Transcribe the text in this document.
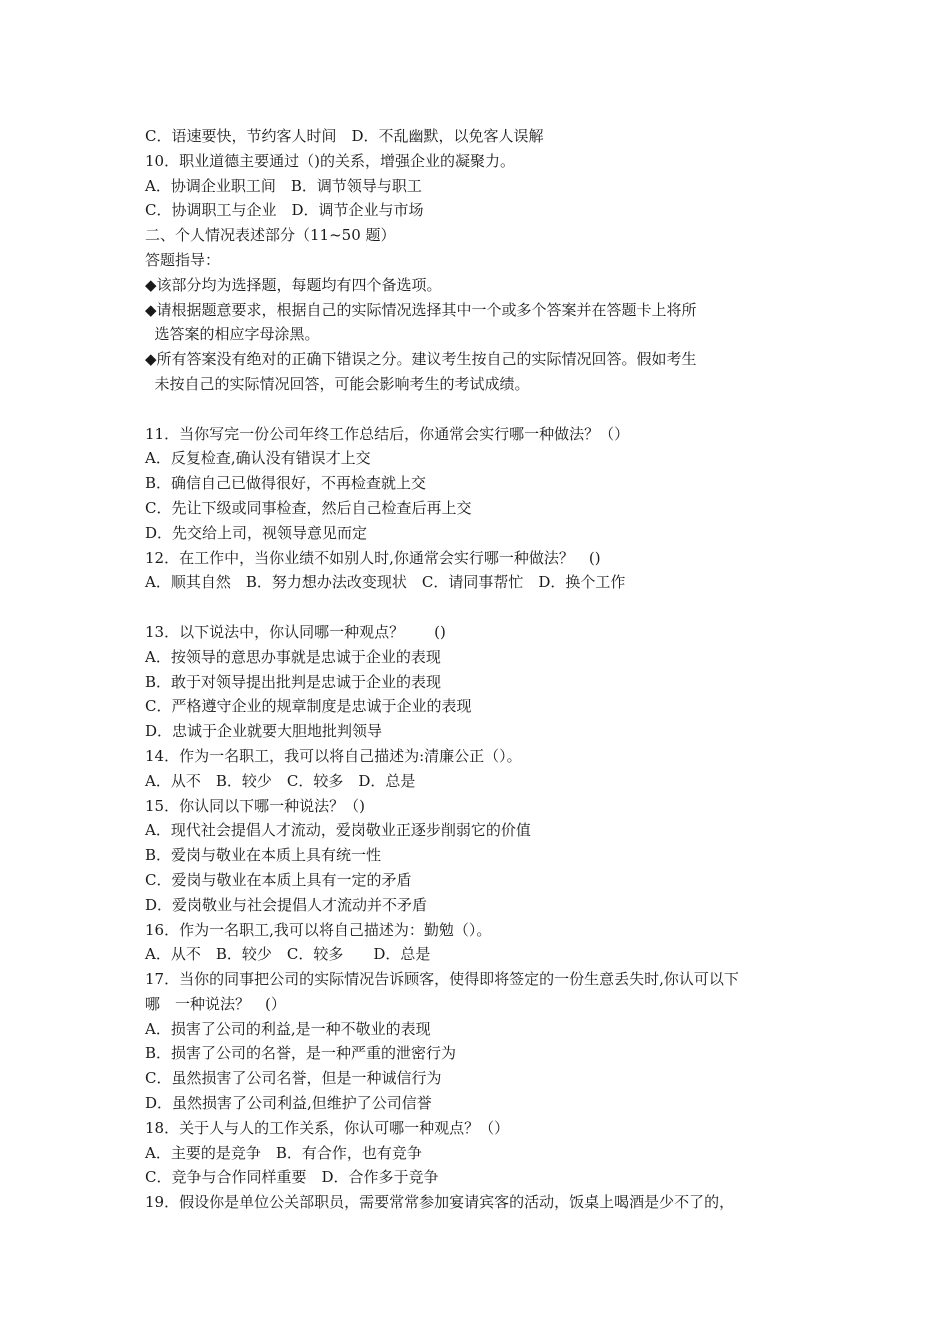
C．语速要快，节约客人时间　D．不乱幽默，以免客人误解
10．职业道德主要通过（)的关系，增强企业的凝聚力。
A．协调企业职工间　B．调节领导与职工
C．协调职工与企业　D．调节企业与市场
二、个人情况表述部分（11~50 题）
答题指导：
◆该部分均为选择题，每题均有四个备选项。
◆请根据题意要求，根据自己的实际情况选择其中一个或多个答案并在答题卡上将所
选答案的相应字母涂黑。
◆所有答案没有绝对的正确下错误之分。建议考生按自己的实际情况回答。假如考生
未按自己的实际情况回答，可能会影响考生的考试成绩。
11．当你写完一份公司年终工作总结后，你通常会实行哪一种做法？（）
A．反复检查,确认没有错误才上交
B．确信自己已做得很好，不再检查就上交
C．先让下级或同事检查，然后自己检查后再上交
D．先交给上司，视领导意见而定
12．在工作中，当你业绩不如别人时,你通常会实行哪一种做法？　()
A．顺其自然　B．努力想办法改变现状　C．请同事帮忙　D．换个工作
13．以下说法中，你认同哪一种观点？　　()
A．按领导的意思办事就是忠诚于企业的表现
B．敢于对领导提出批判是忠诚于企业的表现
C．严格遵守企业的规章制度是忠诚于企业的表现
D．忠诚于企业就要大胆地批判领导
14．作为一名职工，我可以将自己描述为:清廉公正（）。
A．从不　B．较少　C．较多　D．总是
15．你认同以下哪一种说法？（)
A．现代社会提倡人才流动，爱岗敬业正逐步削弱它的价值
B．爱岗与敬业在本质上具有统一性
C．爱岗与敬业在本质上具有一定的矛盾
D．爱岗敬业与社会提倡人才流动并不矛盾
16．作为一名职工,我可以将自己描述为：勤勉（）。
A．从不　B．较少　C．较多　　D．总是
17．当你的同事把公司的实际情况告诉顾客，使得即将签定的一份生意丢失时,你认可以下
哪　一种说法？　(）
A．损害了公司的利益,是一种不敬业的表现
B．损害了公司的名誉，是一种严重的泄密行为
C．虽然损害了公司名誉，但是一种诚信行为
D．虽然损害了公司利益,但维护了公司信誉
18．关于人与人的工作关系，你认可哪一种观点？（）
A．主要的是竞争　B．有合作，也有竞争
C．竞争与合作同样重要　D．合作多于竞争
19．假设你是单位公关部职员，需要常常参加宴请宾客的活动，饭桌上喝酒是少不了的，
